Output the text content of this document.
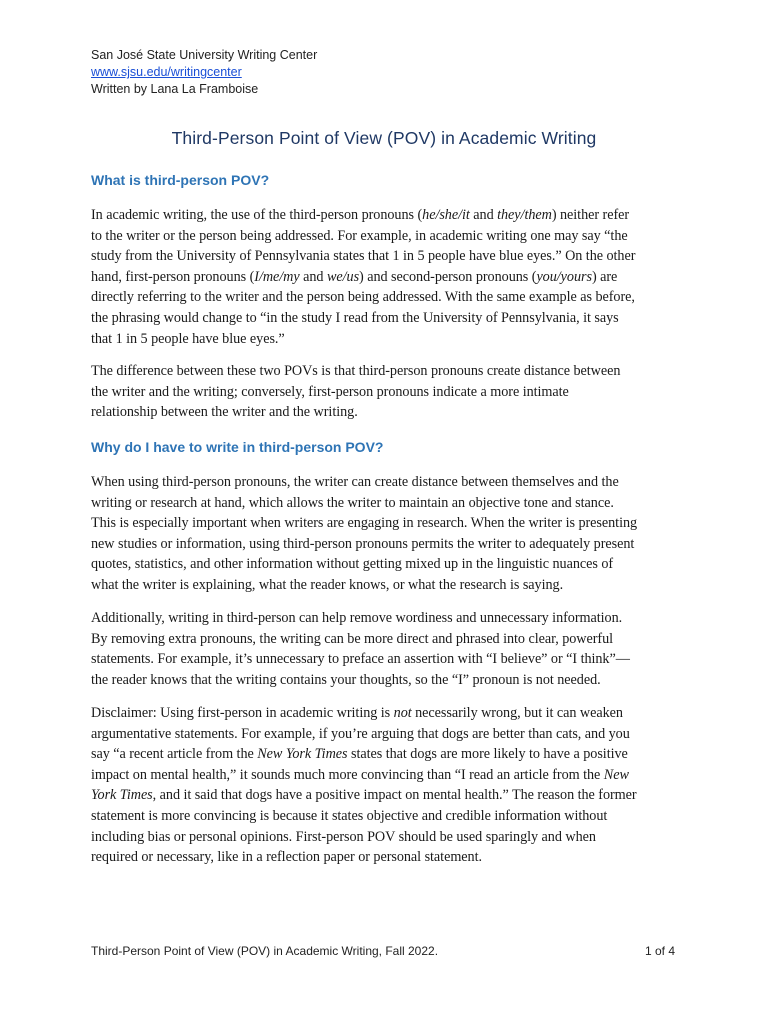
San José State University Writing Center
www.sjsu.edu/writingcenter
Written by Lana La Framboise
Third-Person Point of View (POV) in Academic Writing
What is third-person POV?
In academic writing, the use of the third-person pronouns (he/she/it and they/them) neither refer
to the writer or the person being addressed. For example, in academic writing one may say “the
study from the University of Pennsylvania states that 1 in 5 people have blue eyes.” On the other
hand, first-person pronouns (I/me/my and we/us) and second-person pronouns (you/yours) are
directly referring to the writer and the person being addressed. With the same example as before,
the phrasing would change to “in the study I read from the University of Pennsylvania, it says
that 1 in 5 people have blue eyes.”
The difference between these two POVs is that third-person pronouns create distance between
the writer and the writing; conversely, first-person pronouns indicate a more intimate
relationship between the writer and the writing.
Why do I have to write in third-person POV?
When using third-person pronouns, the writer can create distance between themselves and the
writing or research at hand, which allows the writer to maintain an objective tone and stance.
This is especially important when writers are engaging in research. When the writer is presenting
new studies or information, using third-person pronouns permits the writer to adequately present
quotes, statistics, and other information without getting mixed up in the linguistic nuances of
what the writer is explaining, what the reader knows, or what the research is saying.
Additionally, writing in third-person can help remove wordiness and unnecessary information.
By removing extra pronouns, the writing can be more direct and phrased into clear, powerful
statements. For example, it’s unnecessary to preface an assertion with “I believe” or “I think”—
the reader knows that the writing contains your thoughts, so the “I” pronoun is not needed.
Disclaimer: Using first-person in academic writing is not necessarily wrong, but it can weaken
argumentative statements. For example, if you’re arguing that dogs are better than cats, and you
say “a recent article from the New York Times states that dogs are more likely to have a positive
impact on mental health,” it sounds much more convincing than “I read an article from the New
York Times, and it said that dogs have a positive impact on mental health.” The reason the former
statement is more convincing is because it states objective and credible information without
including bias or personal opinions. First-person POV should be used sparingly and when
required or necessary, like in a reflection paper or personal statement.
Third-Person Point of View (POV) in Academic Writing, Fall 2022.	1 of 4
